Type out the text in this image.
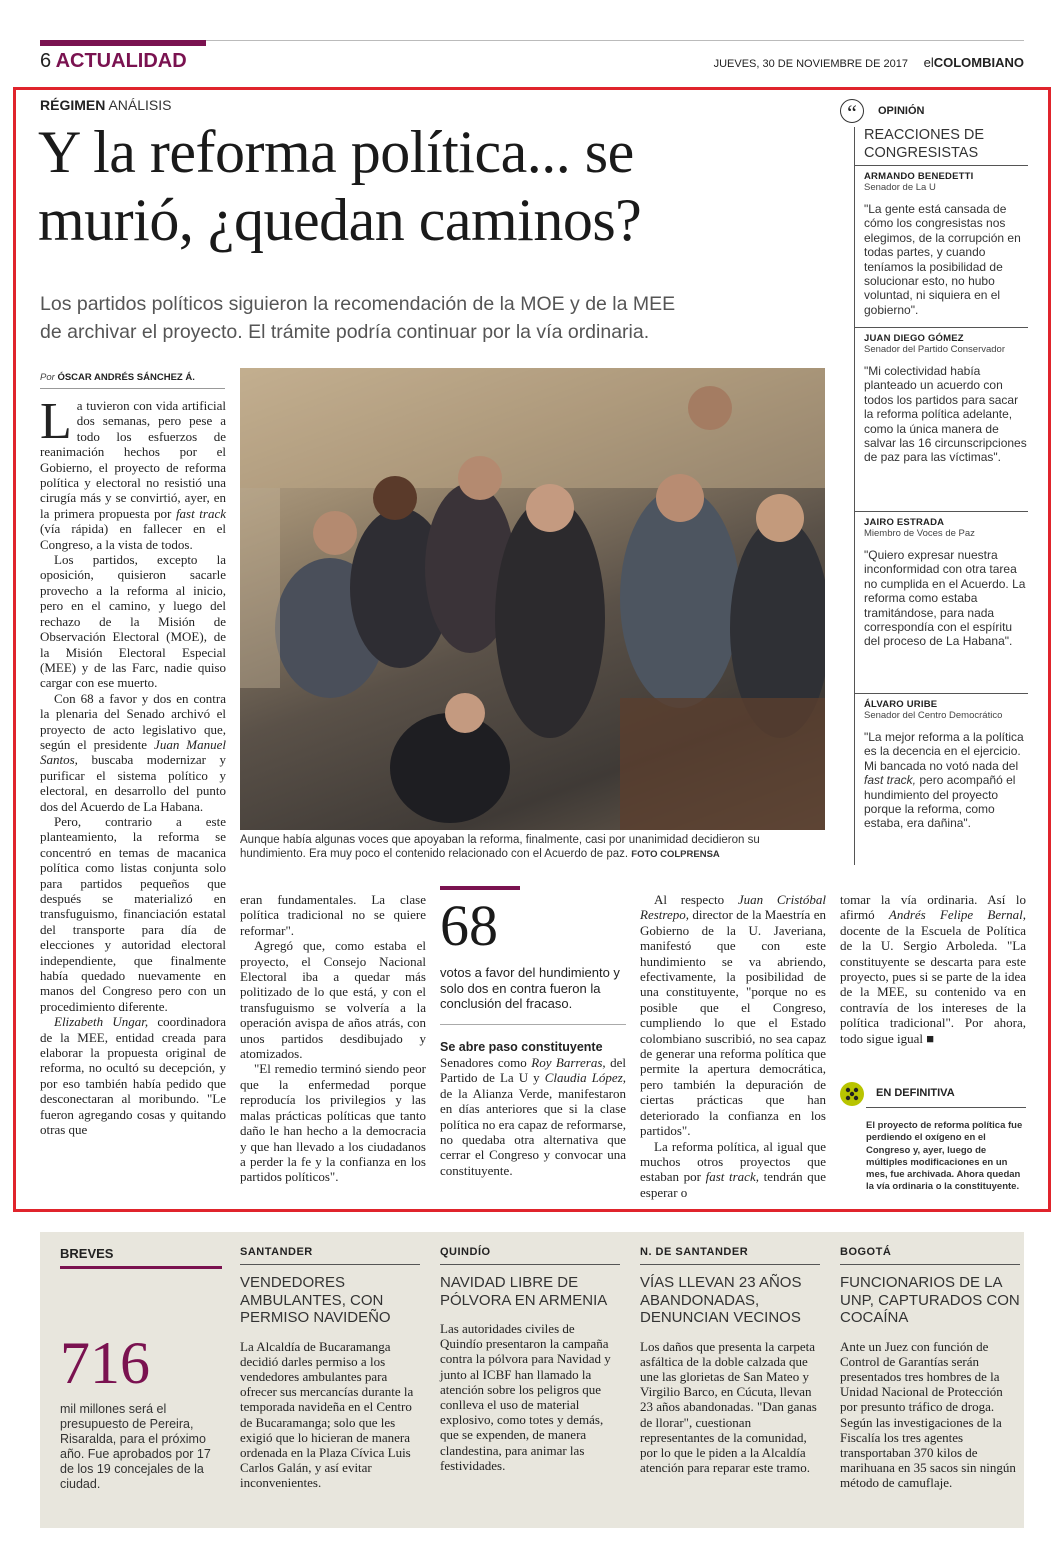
6 ACTUALIDAD	JUEVES, 30 DE NOVIEMBRE DE 2017 elCOLOMBIANO
RÉGIMEN ANÁLISIS
Y la reforma política... se
murió, ¿quedan caminos?
Los partidos políticos siguieron la recomendación de la MOE y de la MEE
de archivar el proyecto. El trámite podría continuar por la vía ordinaria.
Por ÓSCAR ANDRÉS SÁNCHEZ Á.

La tuvieron con vida artificial dos semanas, pero pese a todo los esfuerzos de reanimación hechos por el Gobierno, el proyecto de reforma política y electoral no resistió una cirugía más y se convirtió, ayer, en la primera propuesta por fast track (vía rápida) en fallecer en el Congreso, a la vista de todos.

Los partidos, excepto la oposición, quisieron sacarle provecho a la reforma al inicio, pero en el camino, y luego del rechazo de la Misión de Observación Electoral (MOE), de la Misión Electoral Especial (MEE) y de las Farc, nadie quiso cargar con ese muerto.

Con 68 a favor y dos en contra la plenaria del Senado archivó el proyecto de acto legislativo que, según el presidente Juan Manuel Santos, buscaba modernizar y purificar el sistema político y electoral, en desarrollo del punto dos del Acuerdo de La Habana.

Pero, contrario a este planteamiento, la reforma se concentró en temas de macanica política como listas conjunta solo para partidos pequeños que después se materializó en transfuguismo, financiación estatal del transporte para día de elecciones y autoridad electoral independiente, que finalmente había quedado nuevamente en manos del Congreso pero con un procedimiento diferente.

Elizabeth Ungar, coordinadora de la MEE, entidad creada para elaborar la propuesta original de reforma, no ocultó su decepción, y por eso también había pedido que desconectaran al moribundo. "Le fueron agregando cosas y quitando otras que

Aunque había algunas voces que apoyaban la reforma, finalmente, casi por unanimidad decidieron su hundimiento. Era muy poco el contenido relacionado con el Acuerdo de paz. FOTO COLPRENSA

eran fundamentales. La clase política tradicional no se quiere reformar".

Agregó que, como estaba el proyecto, el Consejo Nacional Electoral iba a quedar más politizado de lo que está, y con el transfuguismo se volvería a la operación avispa de años atrás, con unos partidos desdibujado y atomizados.

"El remedio terminó siendo peor que la enfermedad porque reproducía los privilegios y las malas prácticas políticas que tanto daño le han hecho a la democracia y que han llevado a los ciudadanos a perder la fe y la confianza en los partidos políticos".

68
votos a favor del hundimiento y solo dos en contra fueron la conclusión del fracaso.
Se abre paso constituyente

Senadores como Roy Barreras, del Partido de La U y Claudia López, de la Alianza Verde, manifestaron en días anteriores que si la clase política no era capaz de reformarse, no quedaba otra alternativa que cerrar el Congreso y convocar una constituyente.

Al respecto Juan Cristóbal Restrepo, director de la Maestría en Gobierno de la U. Javeriana, manifestó que con este hundimiento se va abriendo, efectivamente, la posibilidad de una constituyente, "porque no es posible que el Congreso, cumpliendo lo que el Estado colombiano suscribió, no sea capaz de generar una reforma política que permite la apertura democrática, pero también la depuración de ciertas prácticas que han deteriorado la confianza en los partidos".

La reforma política, al igual que muchos otros proyectos que estaban por fast track, tendrán que esperar o

tomar la vía ordinaria. Así lo afirmó Andrés Felipe Bernal, docente de la Escuela de Política de la U. Sergio Arboleda. "La constituyente se descarta para este proyecto, pues si se parte de la idea de la MEE, su contenido va en contravía de los intereses de la política tradicional". Por ahora, todo sigue igual ■

EN DEFINITIVA
El proyecto de reforma política fue perdiendo el oxígeno en el Congreso y, ayer, luego de múltiples modificaciones en un mes, fue archivada. Ahora quedan la vía ordinaria o la constituyente.
“	OPINIÓN
REACCIONES DE
CONGRESISTAS
ARMANDO BENEDETTI
Senador de La U
"La gente está cansada de cómo los congresistas nos elegimos, de la corrupción en todas partes, y cuando teníamos la posibilidad de solucionar esto, no hubo voluntad, ni siquiera en el gobierno".
JUAN DIEGO GÓMEZ
Senador del Partido Conservador
"Mi colectividad había planteado un acuerdo con todos los partidos para sacar la reforma política adelante, como la única manera de salvar las 16 circunscripciones de paz para las víctimas".
JAIRO ESTRADA
Miembro de Voces de Paz
"Quiero expresar nuestra inconformidad con otra tarea no cumplida en el Acuerdo. La reforma como estaba tramitándose, para nada correspondía con el espíritu del proceso de La Habana".
ÁLVARO URIBE
Senador del Centro Democrático
"La mejor reforma a la política es la decencia en el ejercicio. Mi bancada no votó nada del fast track, pero acompañó el hundimiento del proyecto porque la reforma, como estaba, era dañina".
BREVES
716
mil millones será el presupuesto de Pereira, Risaralda, para el próximo año. Fue aprobados por 17 de los 19 concejales de la ciudad.
SANTANDER
VENDEDORES AMBULANTES, CON PERMISO NAVIDEÑO
La Alcaldía de Bucaramanga decidió darles permiso a los vendedores ambulantes para ofrecer sus mercancías durante la temporada navideña en el Centro de Bucaramanga; solo que les exigió que lo hicieran de manera ordenada en la Plaza Cívica Luis Carlos Galán, y así evitar inconvenientes.
QUINDÍO
NAVIDAD LIBRE DE PÓLVORA EN ARMENIA
Las autoridades civiles de Quindío presentaron la campaña contra la pólvora para Navidad y junto al ICBF han llamado la atención sobre los peligros que conlleva el uso de material explosivo, como totes y demás, que se expenden, de manera clandestina, para animar las festividades.
N. DE SANTANDER
VÍAS LLEVAN 23 AÑOS ABANDONADAS, DENUNCIAN VECINOS
Los daños que presenta la carpeta asfáltica de la doble calzada que une las glorietas de San Mateo y Virgilio Barco, en Cúcuta, llevan 23 años abandonadas. "Dan ganas de llorar", cuestionan representantes de la comunidad, por lo que le piden a la Alcaldía atención para reparar este tramo.
BOGOTÁ
FUNCIONARIOS DE LA UNP, CAPTURADOS CON COCAÍNA
Ante un Juez con función de Control de Garantías serán presentados tres hombres de la Unidad Nacional de Protección por presunto tráfico de droga. Según las investigaciones de la Fiscalía los tres agentes transportaban 370 kilos de marihuana en 35 sacos sin ningún método de camuflaje.
